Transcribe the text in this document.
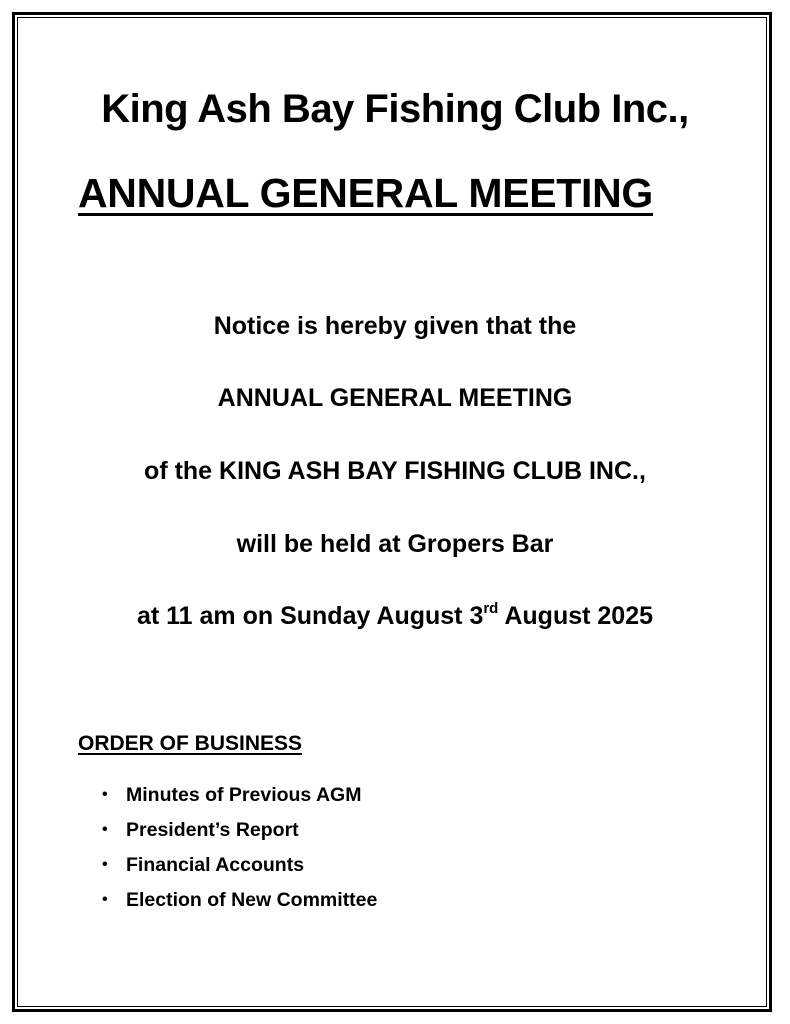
King Ash Bay Fishing Club Inc.,
ANNUAL GENERAL MEETING
Notice is hereby given that the
ANNUAL GENERAL MEETING
of the KING ASH BAY FISHING CLUB INC.,
will be held at Gropers Bar
at 11 am on Sunday August 3rd August 2025
ORDER OF BUSINESS
• Minutes of Previous AGM
• President’s Report
• Financial Accounts
• Election of New Committee
